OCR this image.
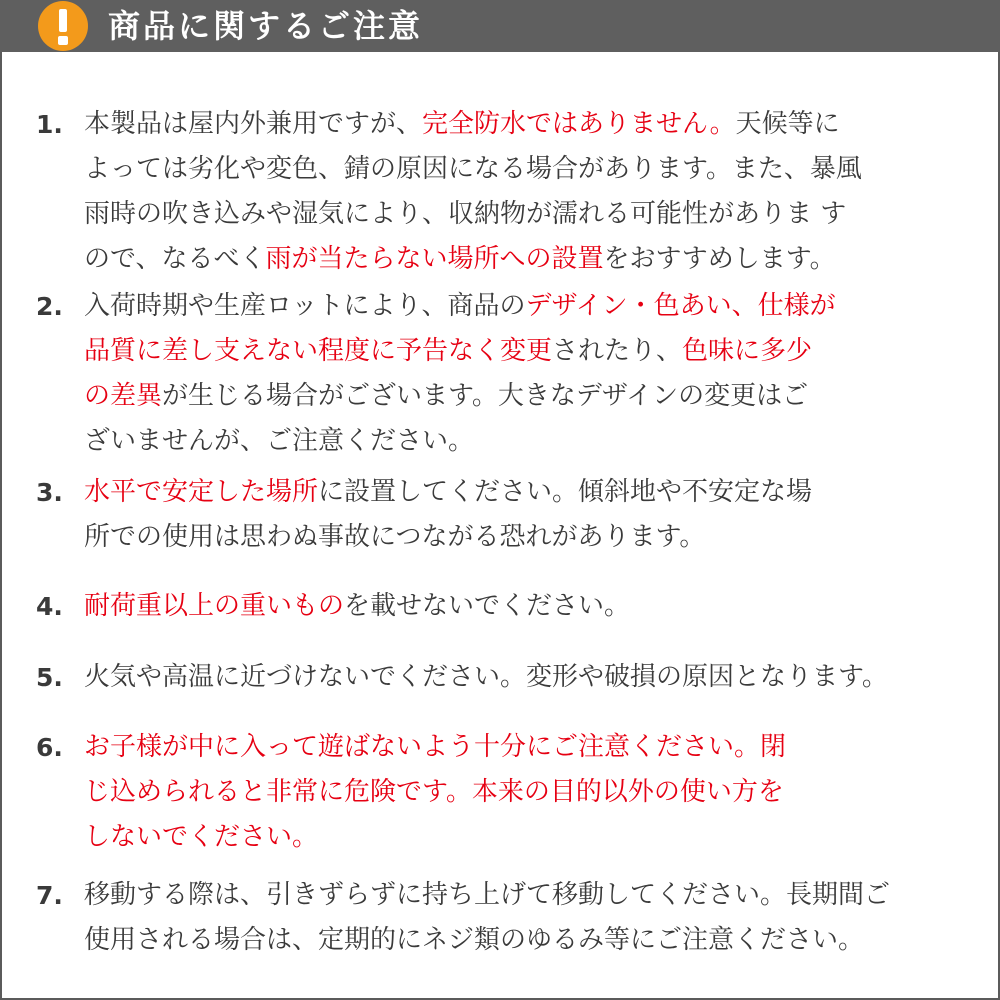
商品に関するご注意
1. 本製品は屋内外兼用ですが、完全防水ではありません。天候等に
よっては劣化や変色、錆の原因になる場合があります。また、暴風
雨時の吹き込みや湿気により、収納物が濡れる可能性がありま す
ので、なるべく雨が当たらない場所への設置をおすすめします。
2. 入荷時期や生産ロットにより、商品のデザイン・色あい、仕様が
品質に差し支えない程度に予告なく変更されたり、色味に多少
の差異が生じる場合がございます。大きなデザインの変更はご
ざいませんが、ご注意ください。
3. 水平で安定した場所に設置してください。傾斜地や不安定な場
所での使用は思わぬ事故につながる恐れがあります。
4. 耐荷重以上の重いものを載せないでください。
5. 火気や高温に近づけないでください。変形や破損の原因となります。
6. お子様が中に入って遊ばないよう十分にご注意ください。閉
じ込められると非常に危険です。本来の目的以外の使い方を
しないでください。
7. 移動する際は、引きずらずに持ち上げて移動してください。長期間ご
使用される場合は、定期的にネジ類のゆるみ等にご注意ください。
